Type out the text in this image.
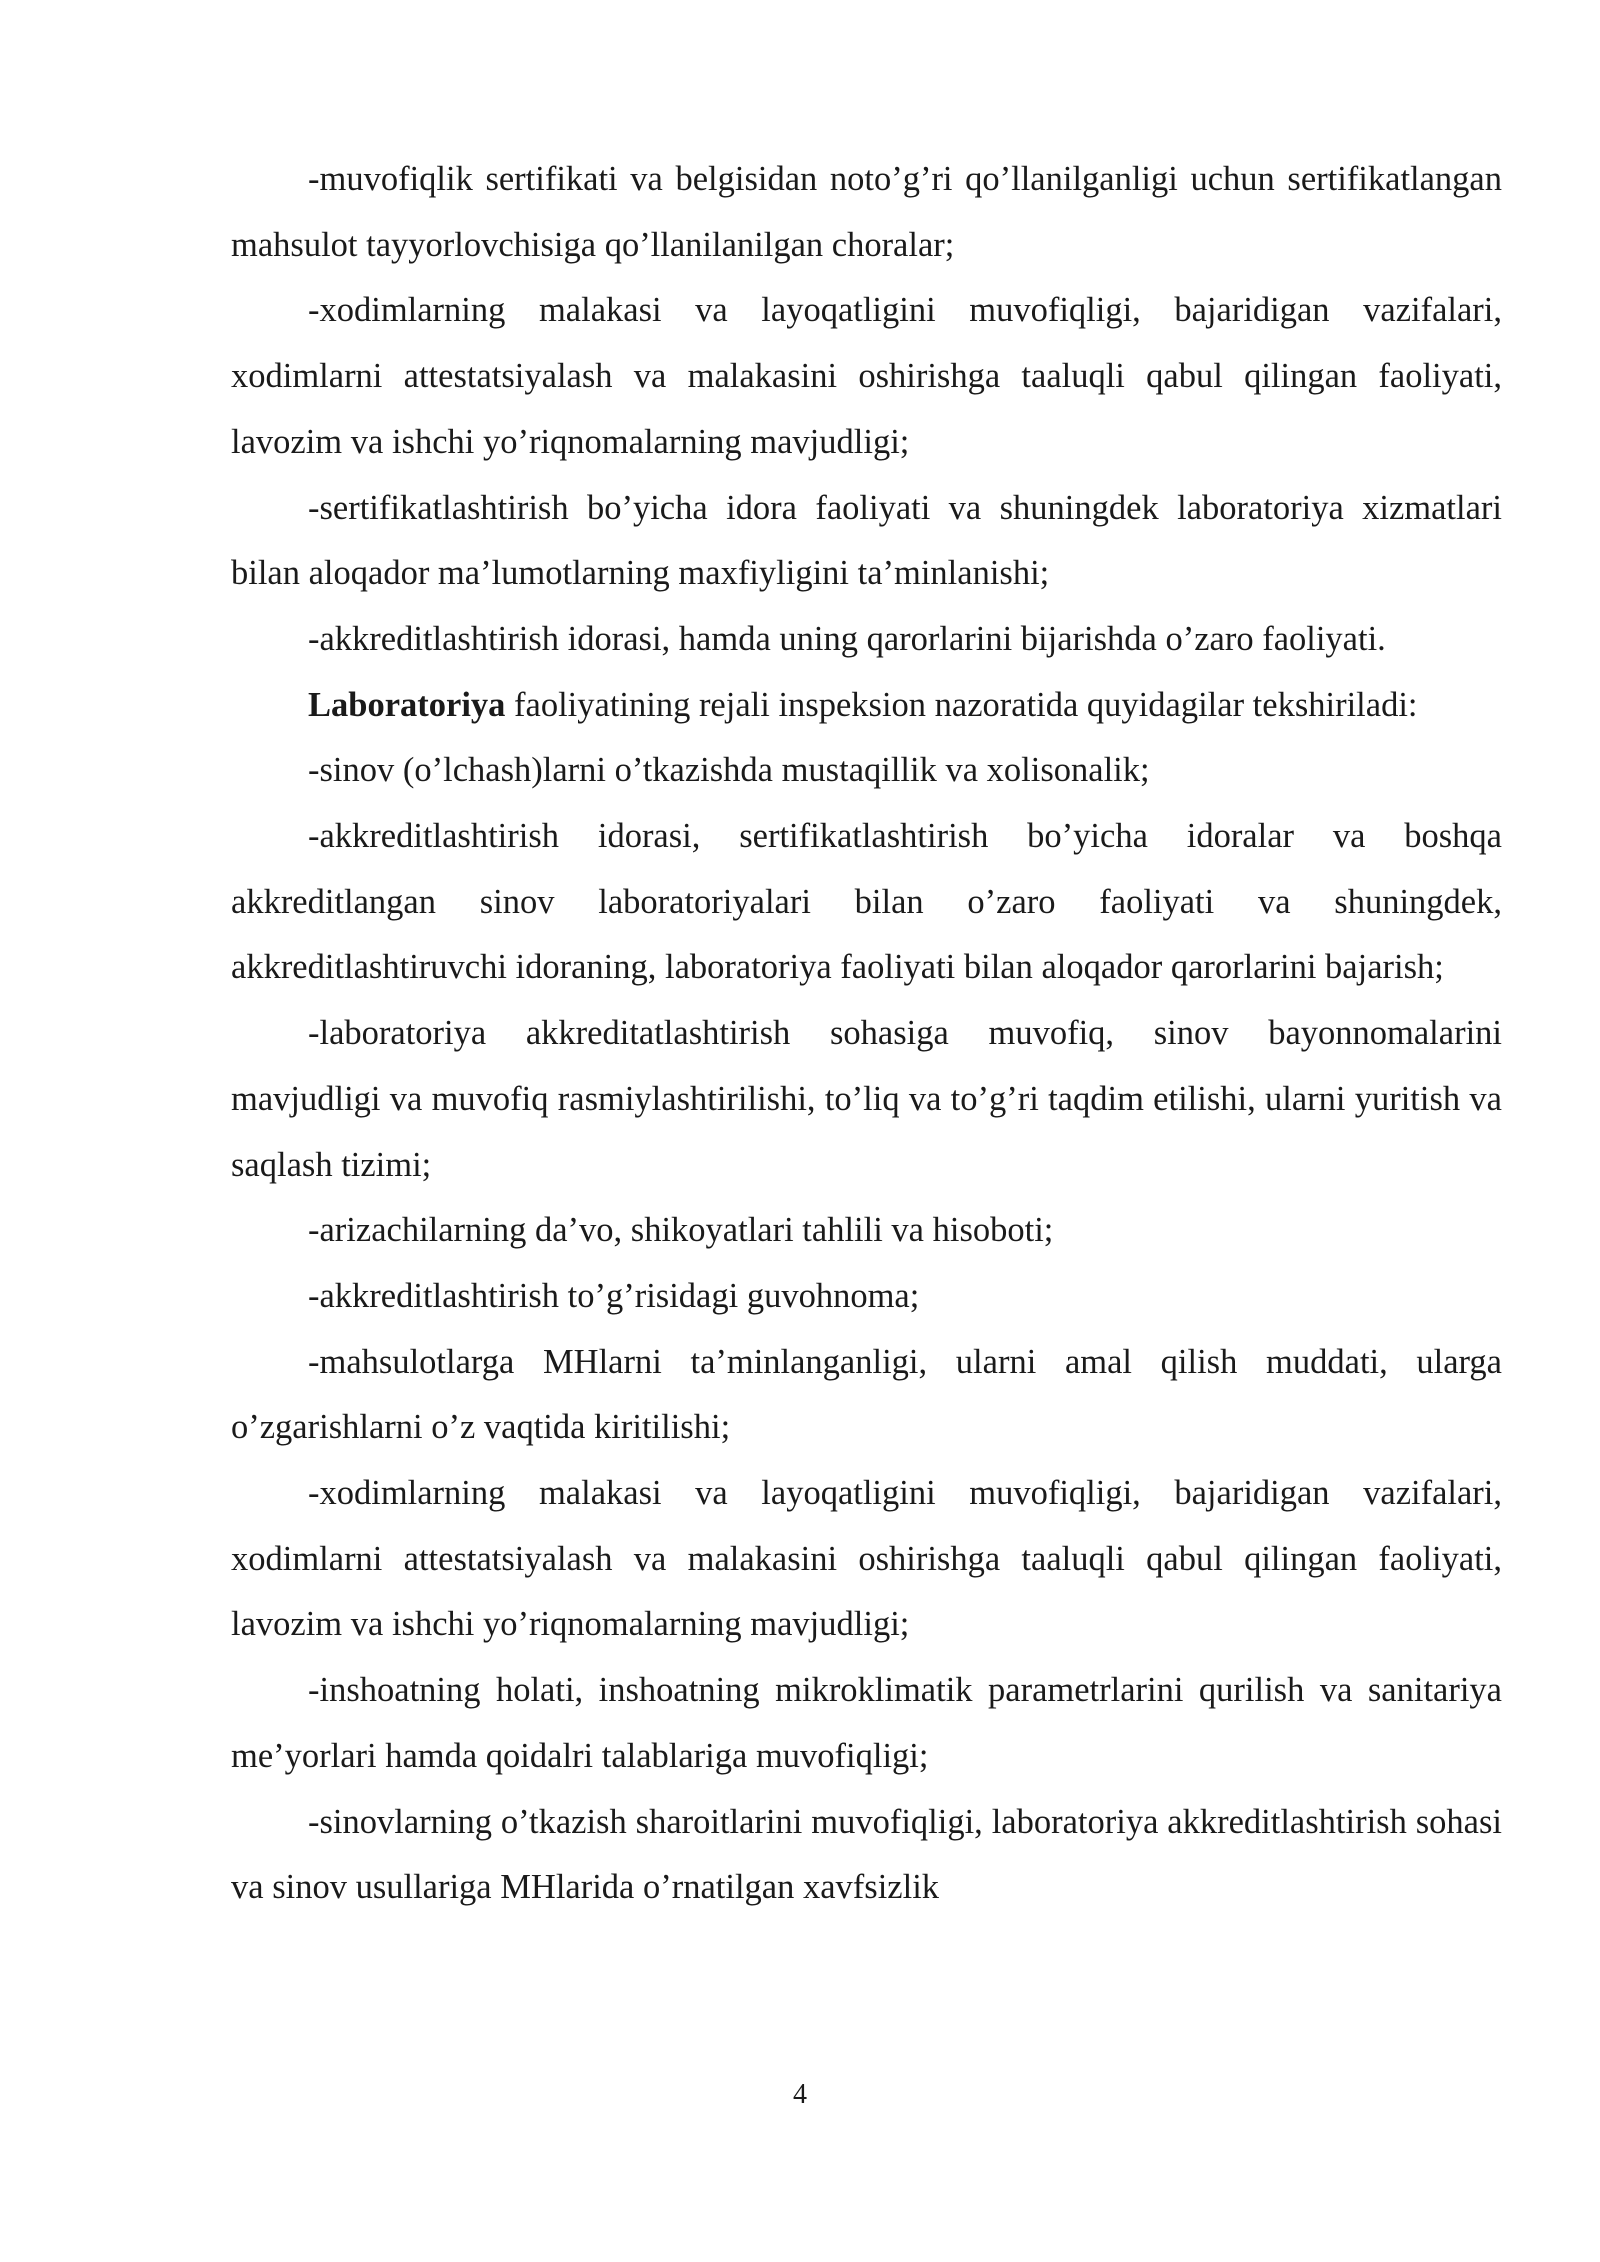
-muvofiqlik sertifikati va belgisidan noto’g’ri qo’llanilganligi uchun sertifikatlangan mahsulot tayyorlovchisiga qo’llanilanilgan choralar;

-xodimlarning malakasi va layoqatligini muvofiqligi, bajaridigan vazifalari, xodimlarni attestatsiyalash va malakasini oshirishga taaluqli qabul qilingan faoliyati, lavozim va ishchi yo’riqnomalarning mavjudligi;

-sertifikatlashtirish bo’yicha idora faoliyati va shuningdek laboratoriya xizmatlari bilan aloqador ma’lumotlarning maxfiyligini ta’minlanishi;

-akkreditlashtirish idorasi, hamda uning qarorlarini bijarishda o’zaro faoliyati.

Laboratoriya faoliyatining rejali inspeksion nazoratida quyidagilar tekshiriladi:

-sinov (o’lchash)larni o’tkazishda mustaqillik va xolisonalik;

-akkreditlashtirish idorasi, sertifikatlashtirish bo’yicha idoralar va boshqa akkreditlangan sinov laboratoriyalari bilan o’zaro faoliyati va shuningdek, akkreditlashtiruvchi idoraning, laboratoriya faoliyati bilan aloqador qarorlarini bajarish;

-laboratoriya akkreditatlashtirish sohasiga muvofiq, sinov bayonnomalarini mavjudligi va muvofiq rasmiylashtirilishi, to’liq va to’g’ri taqdim etilishi, ularni yuritish va saqlash tizimi;

-arizachilarning da’vo, shikoyatlari tahlili va hisoboti;

-akkreditlashtirish to’g’risidagi guvohnoma;

-mahsulotlarga MHlarni ta’minlanganligi, ularni amal qilish muddati, ularga o’zgarishlarni o’z vaqtida kiritilishi;

-xodimlarning malakasi va layoqatligini muvofiqligi, bajaridigan vazifalari, xodimlarni attestatsiyalash va malakasini oshirishga taaluqli qabul qilingan faoliyati, lavozim va ishchi yo’riqnomalarning mavjudligi;

-inshoatning holati, inshoatning mikroklimatik parametrlarini qurilish va sanitariya me’yorlari hamda qoidalri talablariga muvofiqligi;

-sinovlarning o’tkazish sharoitlarini muvofiqligi, laboratoriya akkreditlashtirish sohasi va sinov usullariga MHlarida o’rnatilgan xavfsizlik

4
